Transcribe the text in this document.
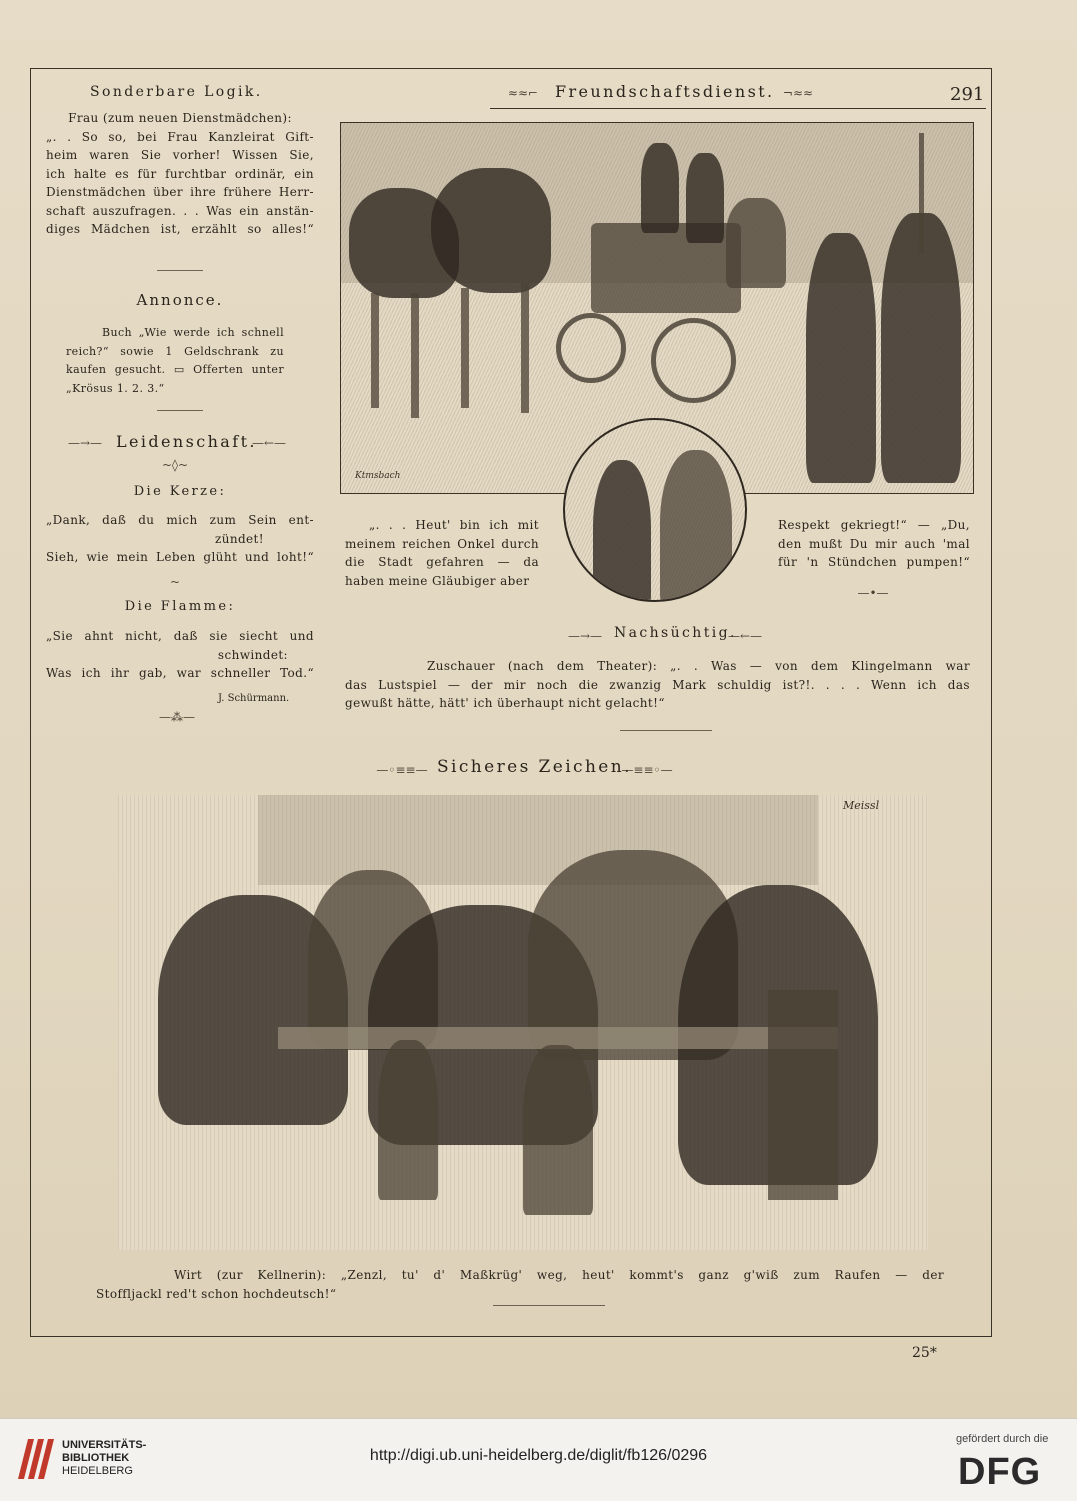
Sonderbare Logik.	≈≈⌐	Freundschaftsdienst. ¬≈≈	291
Frau (zum neuen Dienstmädchen):
„. . So so, bei Frau Kanzleirat Gift-
heim waren Sie vorher! Wissen Sie,
ich halte es für furchtbar ordinär, ein
Dienstmädchen über ihre frühere Herr-
schaft auszufragen. . . Was ein anstän-
diges Mädchen ist, erzählt so alles!“
Annonce.
Buch „Wie werde ich schnell
reich?“ sowie 1 Geldschrank zu
kaufen gesucht. ▭ Offerten unter
„Krösus 1. 2. 3.“
—→— Leidenschaft.
—←—
~◊~
Die Kerze:
„Dank, daß du mich zum Sein ent-
zündet!
Sieh, wie mein Leben glüht und loht!“
~
Die Flamme:
„Sie ahnt nicht, daß sie siecht und
schwindet:
Was ich ihr gab, war schneller Tod.“
J. Schürmann.
—⁂—
Ktmsbach
„. . . Heut' bin ich mit
meinem reichen Onkel durch
die Stadt gefahren — da
haben meine Gläubiger aber
Respekt gekriegt!“ — „Du,
den mußt Du mir auch 'mal
für 'n Stündchen pumpen!“
—•—
—→— Nachsüchtig.
—←—
Zuschauer (nach dem Theater): „. . Was — von dem Klingelmann war
das Lustspiel — der mir noch die zwanzig Mark schuldig ist?!. . . . Wenn ich das
gewußt hätte, hätt' ich überhaupt nicht gelacht!“
—◦≡≡— Sicheres Zeichen.
—≡≡◦—
Meissl
Wirt (zur Kellnerin): „Zenzl, tu' d' Maßkrüg' weg, heut' kommt's ganz g'wiß zum Raufen — der
Stoffljackl red't schon hochdeutsch!“
25*
UNIVERSITÄTS-
BIBLIOTHEK
HEIDELBERG
http://digi.ub.uni-heidelberg.de/diglit/fb126/0296
gefördert durch die
DFG
